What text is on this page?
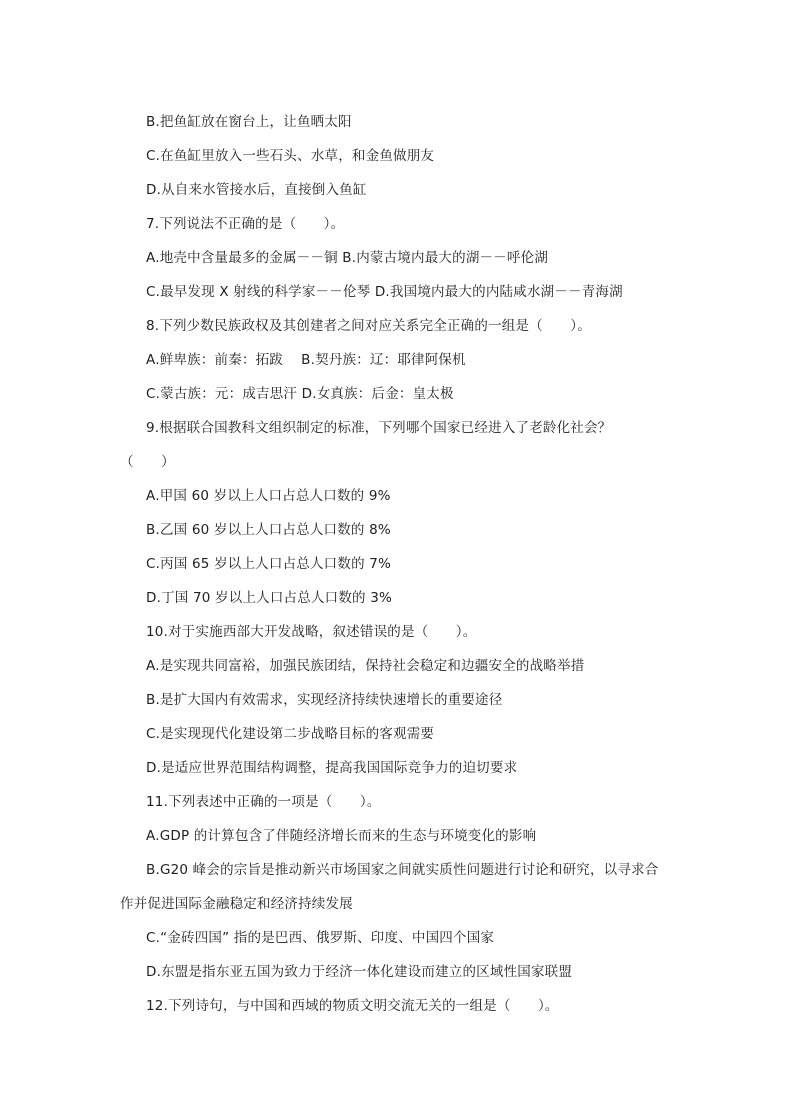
B.把鱼缸放在窗台上，让鱼晒太阳
C.在鱼缸里放入一些石头、水草，和金鱼做朋友
D.从自来水管接水后，直接倒入鱼缸
7.下列说法不正确的是（　　）。
A.地壳中含量最多的金属－－铜 B.内蒙古境内最大的湖－－呼伦湖
C.最早发现 X 射线的科学家－－伦琴 D.我国境内最大的内陆咸水湖－－青海湖
8.下列少数民族政权及其创建者之间对应关系完全正确的一组是（　　）。
A.鲜卑族：前秦：拓跋　 B.契丹族：辽：耶律阿保机
C.蒙古族：元：成吉思汗 D.女真族：后金：皇太极
9.根据联合国教科文组织制定的标准，下列哪个国家已经进入了老龄化社会？
（　　）
A.甲国 60 岁以上人口占总人口数的 9%
B.乙国 60 岁以上人口占总人口数的 8%
C.丙国 65 岁以上人口占总人口数的 7%
D.丁国 70 岁以上人口占总人口数的 3%
10.对于实施西部大开发战略，叙述错误的是（　　）。
A.是实现共同富裕，加强民族团结，保持社会稳定和边疆安全的战略举措
B.是扩大国内有效需求，实现经济持续快速增长的重要途径
C.是实现现代化建设第二步战略目标的客观需要
D.是适应世界范围结构调整，提高我国国际竞争力的迫切要求
11.下列表述中正确的一项是（　　）。
A.GDP 的计算包含了伴随经济增长而来的生态与环境变化的影响
B.G20 峰会的宗旨是推动新兴市场国家之间就实质性问题进行讨论和研究，以寻求合
作并促进国际金融稳定和经济持续发展
C.“金砖四国” 指的是巴西、俄罗斯、印度、中国四个国家
D.东盟是指东亚五国为致力于经济一体化建设而建立的区域性国家联盟
12.下列诗句，与中国和西域的物质文明交流无关的一组是（　　）。
